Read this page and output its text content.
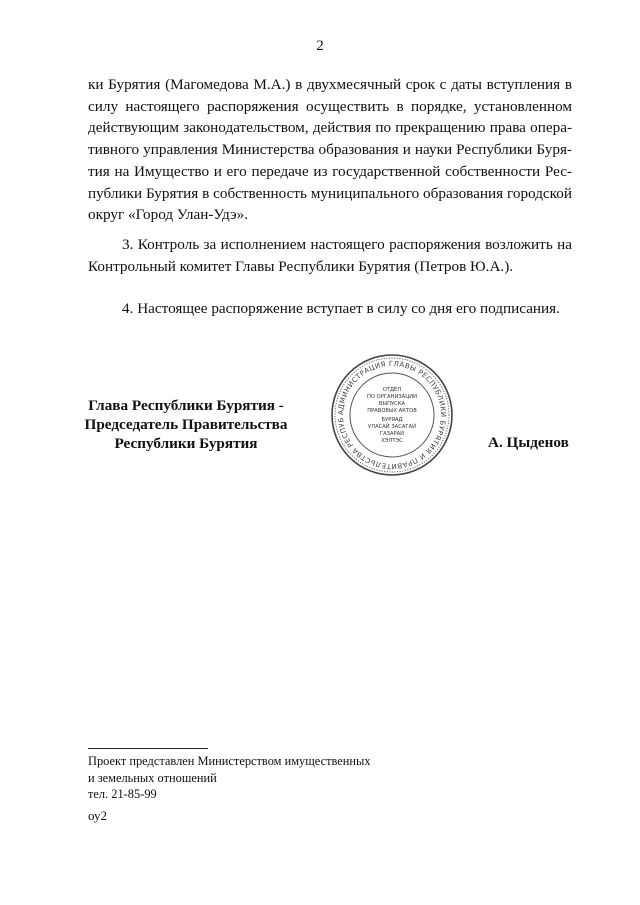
2

ки Бурятия (Магомедова М.А.) в двухмесячный срок с даты вступления в

силу настоящего распоряжения осуществить в порядке, установленном

действующим законодательством, действия по прекращению права опера-

тивного управления Министерства образования и науки Республики Буря-

тия на Имущество и его передаче из государственной собственности Рес-

публики Бурятия в собственность муниципального образования городской

округ «Город Улан-Удэ».

3. Контроль за исполнением настоящего распоряжения возложить на Контрольный комитет Главы Республики Бурятия (Петров Ю.А.).

4. Настоящее распоряжение вступает в силу со дня его подписания.

Глава Республики Бурятия -
Председатель Правительства
Республики Бурятия
АДМИНИСТРАЦИЯ ГЛАВЫ РЕСПУБЛИКИ БУРЯТИЯ И ПРАВИТЕЛЬСТВА РЕСПУБ
ОТДЕЛ
ПО ОРГАНИЗАЦИИ
ВЫПУСКА
ПРАВОВЫХ АКТОВ
БУРЯАД
УЛАСАЙ ЗАСАГАЙ
ГАЗАРАЙ
ХЭЛТЭС	А. Цыденов
Проект представлен Министерством имущественных
и земельных отношений
тел. 21-85-99
оу2
